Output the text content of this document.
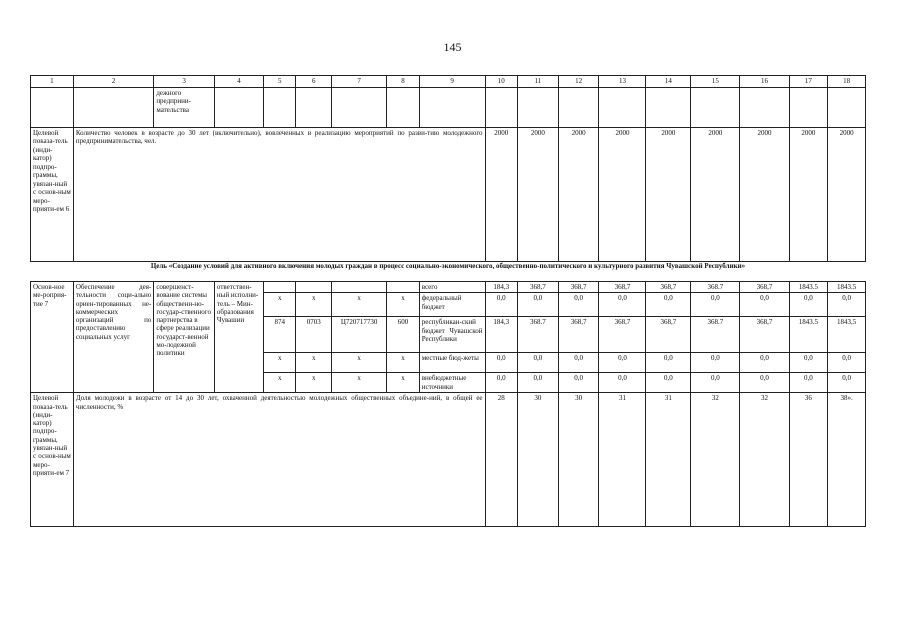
145
1	2	3	4	5	6	7	8	9	10	11	12	13	14	15	16	17	18
		дежного предприни-мательства															
Целевой показа-тель (инди-катор) подпро-граммы, увязан-ный с основ-ным меро-прияти-ем 6	Количество человек в возрасте до 30 лет (включительно), вовлеченных в реализацию мероприятий по разви-тию молодежного предпринимательства, чел.								2000	2000	2000	2000	2000	2000	2000	2000	2000
Цель «Создание условий для активного включения молодых граждан в процесс социально-экономического, общественно-политического и культурного развития Чувашской Республики»
Основ-ное ме-роприя-тие 7	Обеспечение дея-тельности соци-ально ориен-тированных не-коммерческих организаций по предоставлению социальных услуг	совершенст-вование системы общественн-но-государ-ственного партнерства в сфере реализации государст-венной мо-лодежной политики	ответствен-ный исполни-тель – Мин-образования Чувашии					всего	184,3	368,7	368,7	368,7	368,7	368.7	368,7	1843.5	1843.5
				x	x	x	x	федеральный бюджет	0,0	0,0	0,0	0,0	0,0	0,0	0,0	0,0	0,0
				874	0703	Ц720717730	600	республикан-ский бюджет Чувашской Республики	184,3	368.7	368,7	368,7	368,7	368.7	368,7	1843.5	1843,5
				x	x	x	x	местные бюд-жеты	0,0	0,0	0,0	0,0	0,0	0,0	0,0	0,0	0,0
				x	x	x	x	внебюджетные источники	0,0	0,0	0,0	0,0	0,0	0,0	0,0	0,0	0,0
Целевой показа-тель (инди-катор) подпро-граммы, увязан-ный с основ-ным меро-прияти-ем 7	Доля молодежи в возрасте от 14 до 30 лет, охваченной деятельностью молодежных общественных объедине-ний, в общей ее численности, %								28	30	30	31	31	32	32	36	38».
